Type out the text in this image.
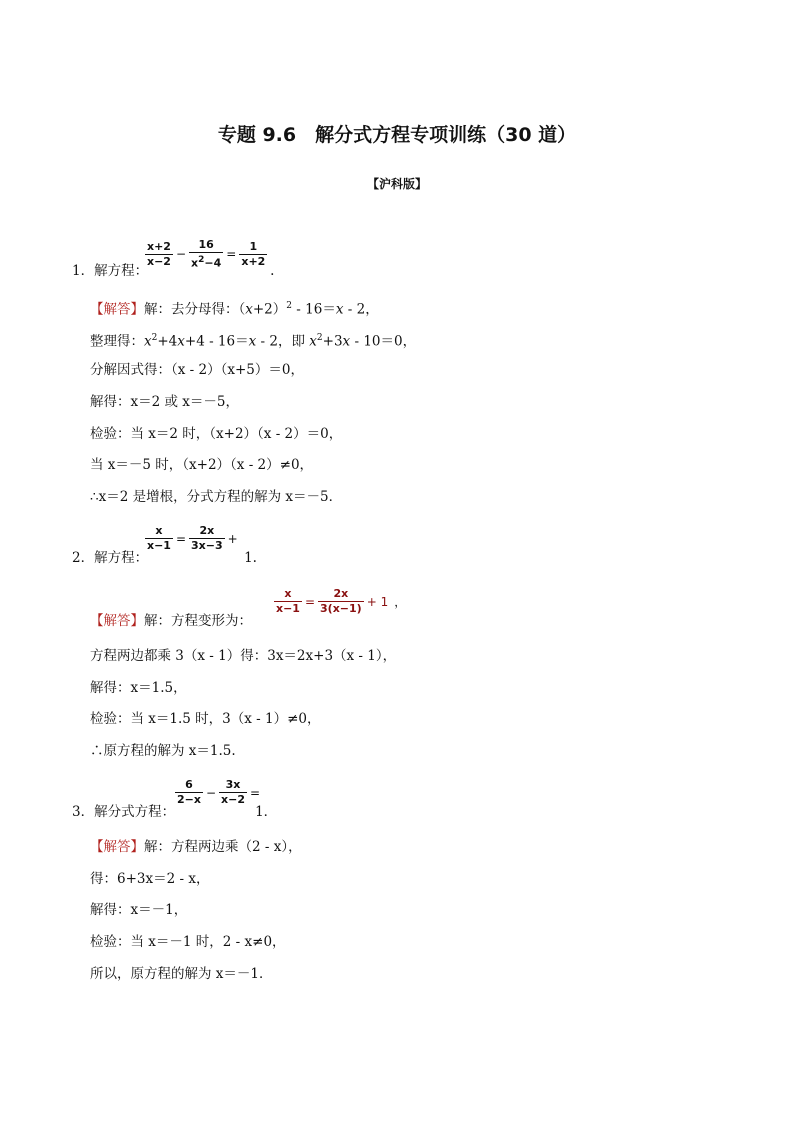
专题 9.6　解分式方程专项训练（30 道）
【沪科版】
$\frac{x+2}{x-2} - \frac{16}{x^2-4} = \frac{1}{x+2}$
1．解方程：	.
【解答】解：去分母得：$(x+2)^2 - 16=x - 2$，
整理得：$x^2+4x+4 - 16=x - 2$，即 $x^2+3x - 10=0$，
分解因式得：（x - 2）（x+5）＝0，
解得：x＝2 或 x＝－5，
检验：当 x＝2 时，（x+2）（x - 2）＝0，
当 x＝－5 时，（x+2）（x - 2）≠0，
∴x＝2 是增根，分式方程的解为 x＝－5．
$\frac{x}{x-1} = \frac{2x}{3x-3}$ +
2．解方程：	1.
【解答】解：方程变形为：
$\frac{x}{x-1} = \frac{2x}{3(x-1)} + 1$ ，
方程两边都乘 3（x - 1）得：3x＝2x+3（x - 1），
解得：x＝1.5，
检验：当 x＝1.5 时，3（x - 1）≠0，
∴原方程的解为 x＝1.5.
$\frac{6}{2-x} - \frac{3x}{x-2}$ =
3．解分式方程：	1．
【解答】解：方程两边乘（2 - x），
得：6+3x＝2 - x，
解得：x＝－1，
检验：当 x＝－1 时，2 - x≠0，
所以，原方程的解为 x＝－1．
